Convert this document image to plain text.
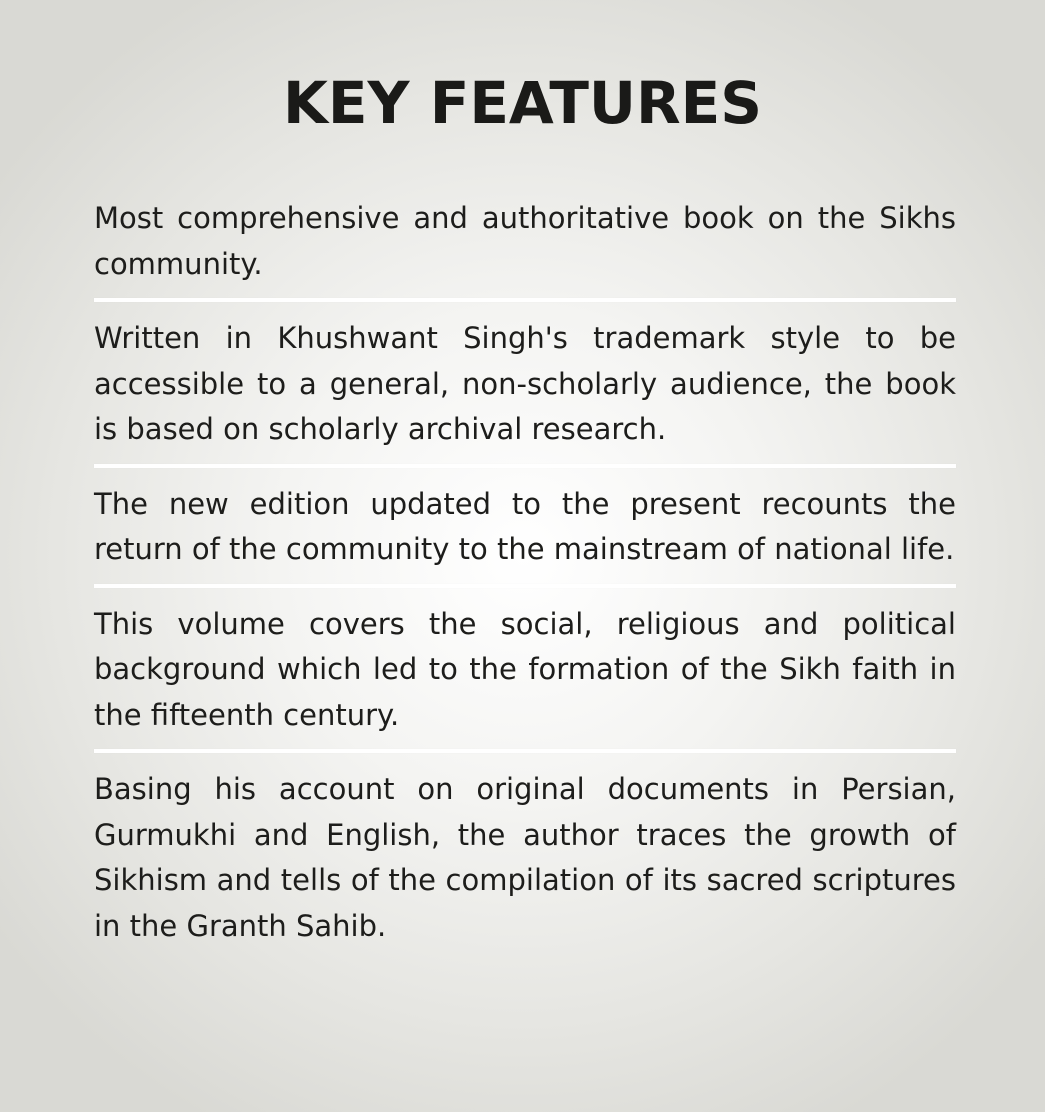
KEY FEATURES

Most comprehensive and authoritative book on the Sikhs community.

Written in Khushwant Singh's trademark style to be accessible to a general, non-scholarly audience, the book is based on scholarly archival research.

The new edition updated to the present recounts the return of the community to the mainstream of national life.

This volume covers the social, religious and political background which led to the formation of the Sikh faith in the fifteenth century.

Basing his account on original documents in Persian, Gurmukhi and English, the author traces the growth of Sikhism and tells of the compilation of its sacred scriptures in the Granth Sahib.
